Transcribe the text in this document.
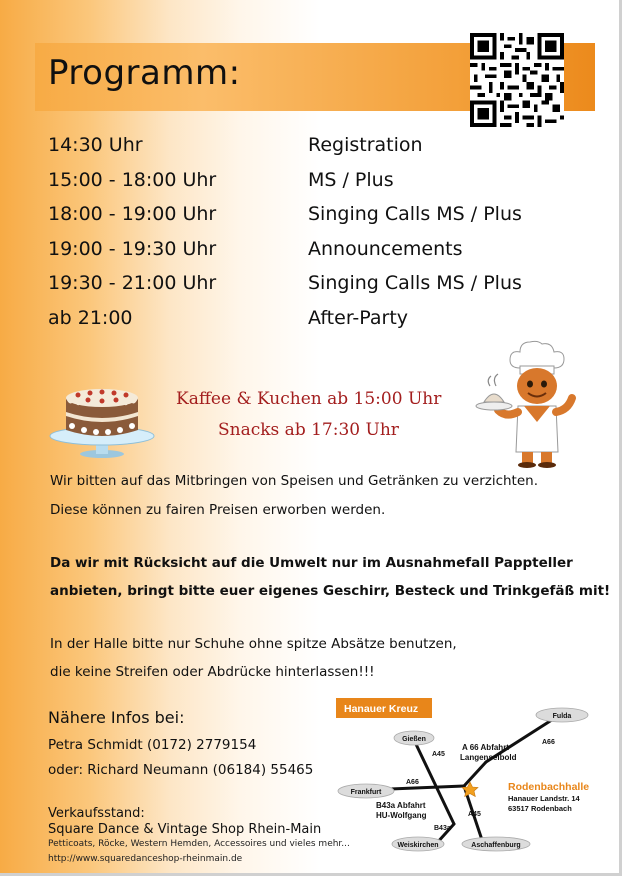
Programm:
14:30 Uhr	Registration
15:00 - 18:00 Uhr	MS / Plus
18:00 - 19:00 Uhr	Singing Calls MS / Plus
19:00 - 19:30 Uhr	Announcements
19:30 - 21:00 Uhr	Singing Calls MS / Plus
ab 21:00	After-Party
Kaffee & Kuchen ab 15:00 Uhr
Snacks ab 17:30 Uhr
Wir bitten auf das Mitbringen von Speisen und Getränken zu verzichten.
Diese können zu fairen Preisen erworben werden.
Da wir mit Rücksicht auf die Umwelt nur im Ausnahmefall Pappteller
anbieten, bringt bitte euer eigenes Geschirr, Besteck und Trinkgefäß mit!
In der Halle bitte nur Schuhe ohne spitze Absätze benutzen,
die keine Streifen oder Abdrücke hinterlassen!!!
Nähere Infos bei:
Petra Schmidt (0172) 2779154
oder: Richard Neumann (06184) 55465
Verkaufsstand:
Square Dance & Vintage Shop Rhein-Main
Petticoats, Röcke, Western Hemden, Accessoires und vieles mehr...
http://www.squaredanceshop-rheinmain.de
Hanauer Kreuz
Gießen
Fulda
Frankfurt
Weiskirchen	Aschaffenburg
A45
A66
A66
A45
B43a
A 66 Abfahrt
Langenselbold
B43a Abfahrt
HU-Wolfgang
Rodenbachhalle
Hanauer Landstr. 14
63517 Rodenbach
